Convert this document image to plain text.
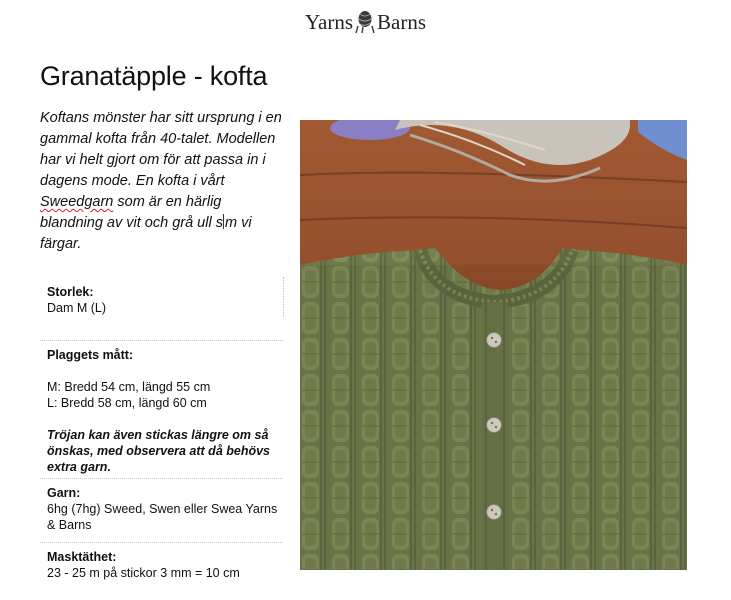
Yarns Barns
Granatäpple - kofta

Koftans mönster har sitt ursprung i en gammal kofta från 40-talet. Modellen har vi helt gjort om för att passa in i dagens mode. En kofta i vårt Sweedgarn som är en härlig blandning av vit och grå ull s m vi färgar.

Storlek:
Dam M (L)
Plaggets mått:
M: Bredd 54 cm, längd 55 cm
L: Bredd 58 cm, längd 60 cm
Tröjan kan även stickas längre om så önskas, med observera att då behövs extra garn.
Garn:
6hg (7hg) Sweed, Swen eller Swea Yarns & Barns
Masktäthet:
23 - 25 m på stickor 3 mm = 10 cm
